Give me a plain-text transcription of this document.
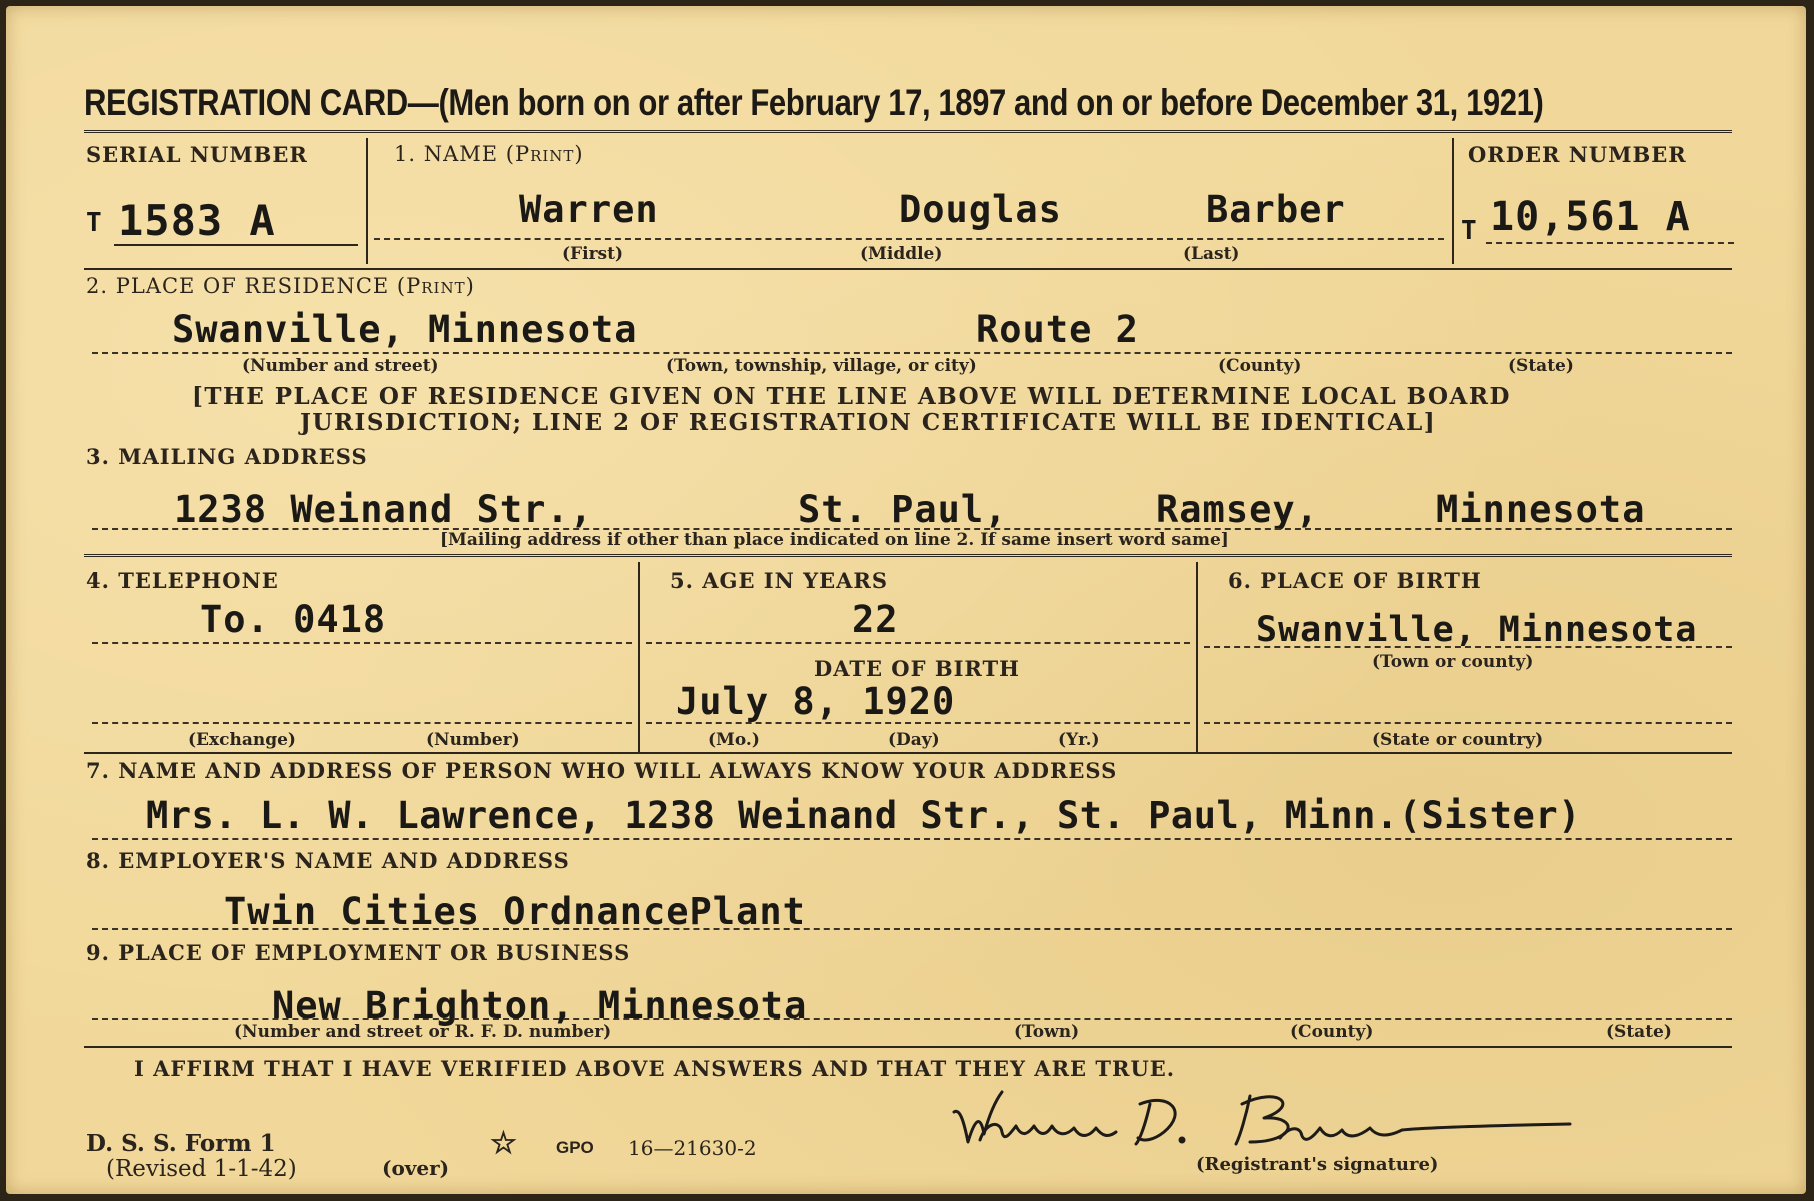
REGISTRATION CARD—(Men born on or after February 17, 1897 and on or before December 31, 1921)
SERIAL NUMBER
T 1583 A
1. NAME (Print)
Warren	Douglas	Barber
(First)	(Middle)	(Last)
ORDER NUMBER
T 10,561 A
2. PLACE OF RESIDENCE (Print)
Swanville, Minnesota	Route 2
(Number and street)	(Town, township, village, or city)	(County)	(State)
[THE PLACE OF RESIDENCE GIVEN ON THE LINE ABOVE WILL DETERMINE LOCAL BOARD
JURISDICTION; LINE 2 OF REGISTRATION CERTIFICATE WILL BE IDENTICAL]
3. MAILING ADDRESS
1238 Weinand Str.,	St. Paul,	Ramsey,	Minnesota
[Mailing address if other than place indicated on line 2. If same insert word same]
4. TELEPHONE
To. 0418
(Exchange)	(Number)
5. AGE IN YEARS
22
DATE OF BIRTH
July 8, 1920
(Mo.)	(Day)	(Yr.)
6. PLACE OF BIRTH
Swanville, Minnesota
(Town or county)
(State or country)
7. NAME AND ADDRESS OF PERSON WHO WILL ALWAYS KNOW YOUR ADDRESS
Mrs. L. W. Lawrence, 1238 Weinand Str., St. Paul, Minn.(Sister)
8. EMPLOYER'S NAME AND ADDRESS
Twin Cities OrdnancePlant
9. PLACE OF EMPLOYMENT OR BUSINESS
New Brighton, Minnesota
(Number and street or R. F. D. number)	(Town)	(County)	(State)
I AFFIRM THAT I HAVE VERIFIED ABOVE ANSWERS AND THAT THEY ARE TRUE.
D. S. S. Form 1
(Revised 1-1-42)	(over)
☆ GPO 16—21630-2
(Registrant's signature)
